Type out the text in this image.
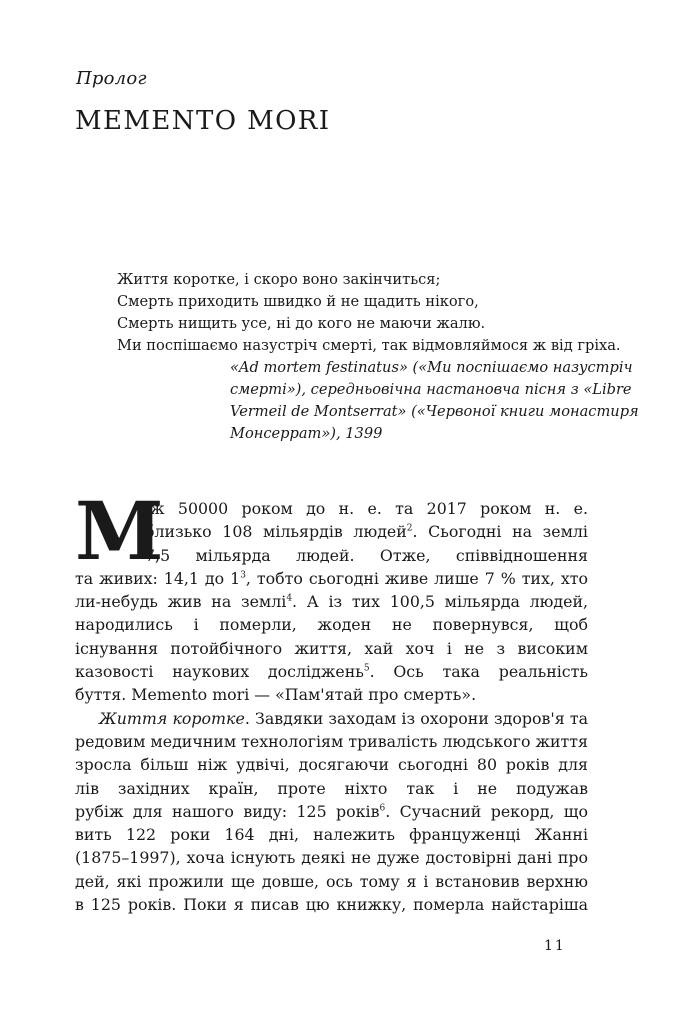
Пролог
MEMENTO MORI
Життя коротке, і скоро воно закінчиться;
Смерть приходить швидко й не щадить нікого,
Смерть нищить усе, ні до кого не маючи жалю.
Ми поспішаємо назустріч смерті, так відмовляймося ж від гріха.
«Ad mortem festinatus» («Ми поспішаємо назустріч
смерті»), середньовічна настановча пісня з «Libre
Vermeil de Montserrat» («Червоної книги монастиря
Монсеррат»), 1399
М
іж 50000 роком до н. е. та 2017 роком н. е.
близько 108 мільярдів людей$^2$. Сьогодні на землі
7,5 мільярда людей. Отже, співвідношення
та живих: 14,1 до $1^3$, тобто сьогодні живе лише 7 % тих, хто
ли-небудь жив на землі$^4$. А із тих 100,5 мільярда людей,
народились і померли, жоден не повернувся, щоб
існування потойбічного життя, хай хоч і не з високим
казовості наукових досліджень$^5$. Ось така реальність
буття. Memento mori — «Пам'ятай про смерть».
Життя коротке. Завдяки заходам із охорони здоров'я та
редовим медичним технологіям тривалість людського життя
зросла більш ніж удвічі, досягаючи сьогодні 80 років для
лів західних країн, проте ніхто так і не подужав
рубіж для нашого виду: 125 років$^6$. Сучасний рекорд, що
вить 122 роки 164 дні, належить француженці Жанні
(1875–1997), хоча існують деякі не дуже достовірні дані про
дей, які прожили ще довше, ось тому я і встановив верхню
в 125 років. Поки я писав цю книжку, померла найстаріша
11
